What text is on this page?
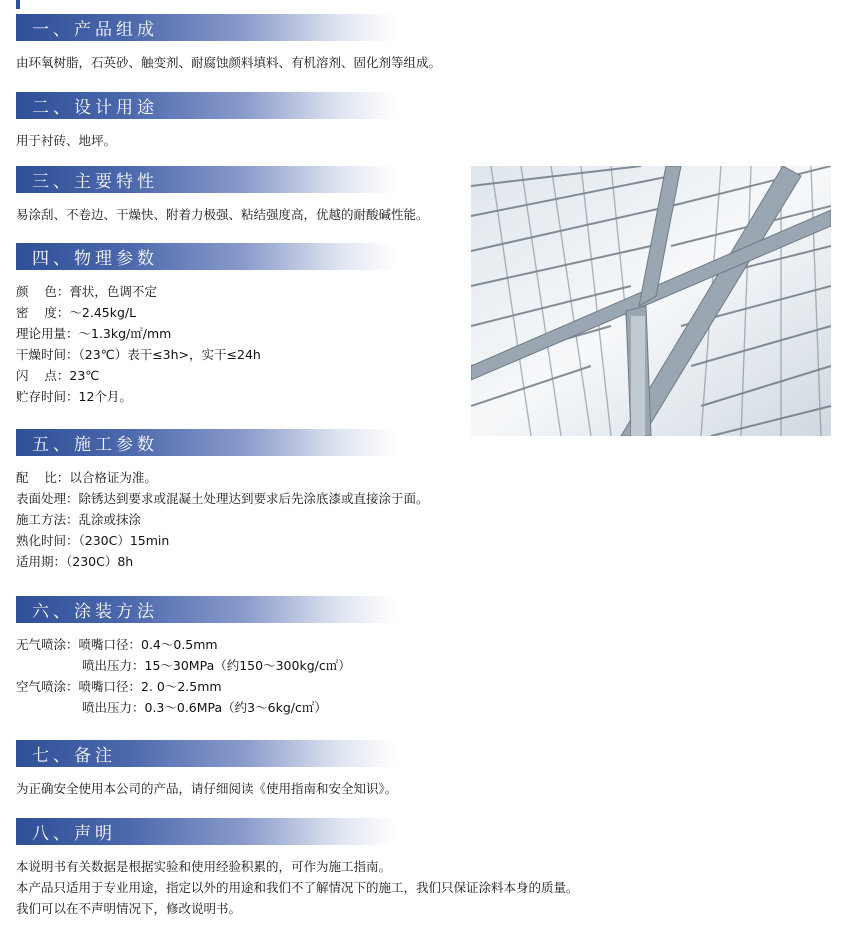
一、产品组成

由环氧树脂，石英砂、触变剂、耐腐蚀颜料填料、有机溶剂、固化剂等组成。

二、设计用途

用于衬砖、地坪。

三、主要特性

易涂刮、不卷边、干燥快、附着力极强、粘结强度高，优越的耐酸碱性能。

四、物理参数

颜    色：膏状，色调不定

密    度：～2.45kg/L

理论用量：～1.3kg/㎡/mm

干燥时间：（23℃）表干≤3h>，实干≤24h

闪    点：23℃

贮存时间：12个月。

五、施工参数

配    比：以合格证为准。

表面处理：除锈达到要求或混凝土处理达到要求后先涂底漆或直接涂于面。

施工方法：乱涂或抹涂

熟化时间：（230C）15min

适用期：（230C）8h

六、涂装方法

无气喷涂：喷嘴口径：0.4～0.5mm

喷出压力：15～30MPa（约150～300kg/c㎡）

空气喷涂：喷嘴口径：2. 0～2.5mm

喷出压力：0.3～0.6MPa（约3～6kg/c㎡）

七、备注

为正确安全使用本公司的产品，请仔细阅读《使用指南和安全知识》。

八、声明

本说明书有关数据是根据实验和使用经验积累的，可作为施工指南。

本产品只适用于专业用途，指定以外的用途和我们不了解情况下的施工，我们只保证涂料本身的质量。

我们可以在不声明情况下，修改说明书。
